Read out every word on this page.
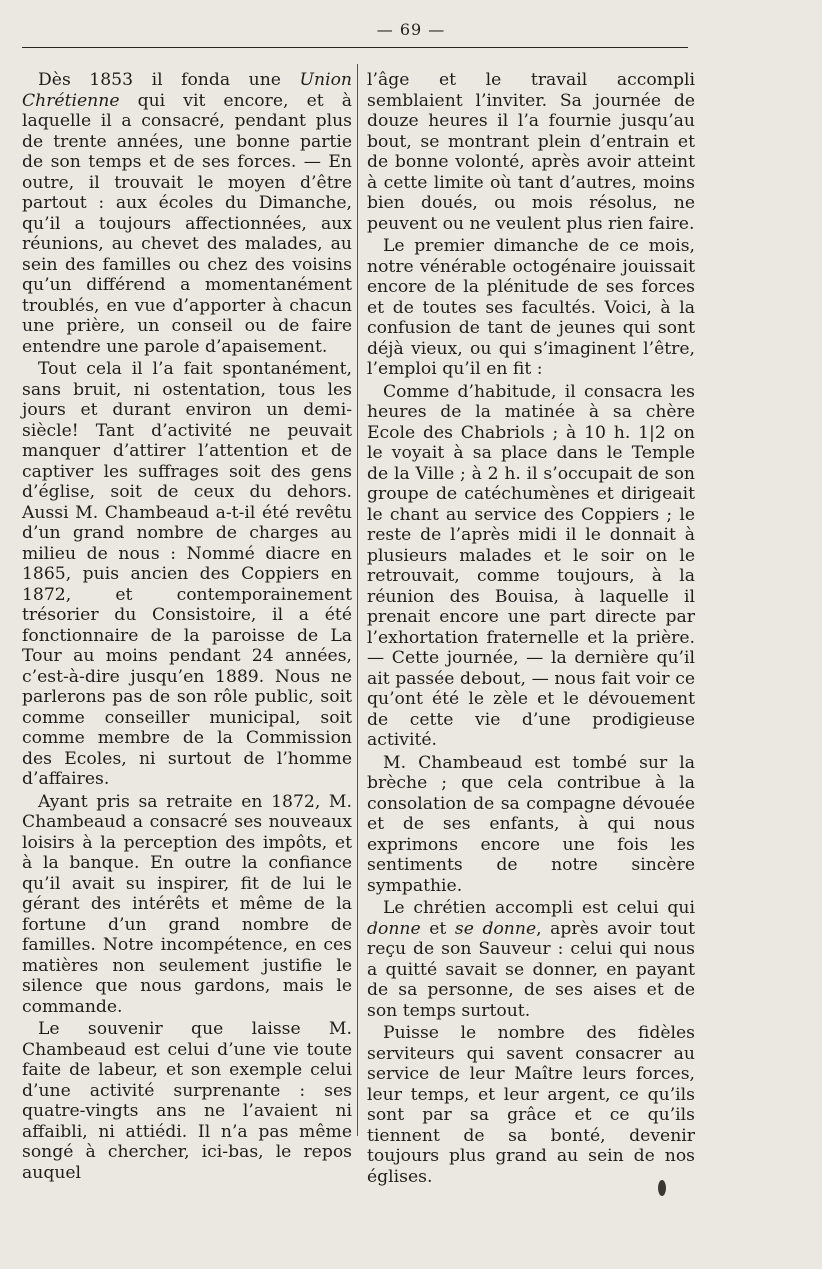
— 69 —

Dès 1853 il fonda une Union Chrétienne qui vit encore, et à laquelle il a consacré, pendant plus de trente années, une bonne partie de son temps et de ses forces. — En outre, il trouvait le moyen d’être partout : aux écoles du Dimanche, qu’il a toujours affectionnées, aux réunions, au chevet des malades, au sein des familles ou chez des voisins qu’un différend a momentanément troublés, en vue d’apporter à chacun une prière, un conseil ou de faire entendre une parole d’apaisement.

Tout cela il l’a fait spontanément, sans bruit, ni ostentation, tous les jours et durant environ un demi-siècle! Tant d’activité ne peuvait manquer d’attirer l’attention et de captiver les suffrages soit des gens d’église, soit de ceux du dehors. Aussi M. Chambeaud a-t-il été revêtu d’un grand nombre de charges au milieu de nous : Nommé diacre en 1865, puis ancien des Coppiers en 1872, et contemporainement trésorier du Consistoire, il a été fonctionnaire de la paroisse de La Tour au moins pendant 24 années, c’est-à-dire jusqu’en 1889. Nous ne parlerons pas de son rôle public, soit comme conseiller municipal, soit comme membre de la Commission des Ecoles, ni surtout de l’homme d’affaires.

Ayant pris sa retraite en 1872, M. Chambeaud a consacré ses nouveaux loisirs à la perception des impôts, et à la banque. En outre la confiance qu’il avait su inspirer, fit de lui le gérant des intérêts et même de la fortune d’un grand nombre de familles. Notre incompétence, en ces matières non seulement justifie le silence que nous gardons, mais le commande.

Le souvenir que laisse M. Chambeaud est celui d’une vie toute faite de labeur, et son exemple celui d’une activité surprenante : ses quatre-vingts ans ne l’avaient ni affaibli, ni attiédi. Il n’a pas même songé à chercher, ici-bas, le repos auquel

l’âge et le travail accompli semblaient l’inviter. Sa journée de douze heures il l’a fournie jusqu’au bout, se montrant plein d’entrain et de bonne volonté, après avoir atteint à cette limite où tant d’autres, moins bien doués, ou mois résolus, ne peuvent ou ne veulent plus rien faire.

Le premier dimanche de ce mois, notre vénérable octogénaire jouissait encore de la plénitude de ses forces et de toutes ses facultés. Voici, à la confusion de tant de jeunes qui sont déjà vieux, ou qui s’imaginent l’être, l’emploi qu’il en fit :

Comme d’habitude, il consacra les heures de la matinée à sa chère Ecole des Chabriols ; à 10 h. 1|2 on le voyait à sa place dans le Temple de la Ville ; à 2 h. il s’occupait de son groupe de catéchumènes et dirigeait le chant au service des Coppiers ; le reste de l’après midi il le donnait à plusieurs malades et le soir on le retrouvait, comme toujours, à la réunion des Bouisa, à laquelle il prenait encore une part directe par l’exhortation fraternelle et la prière. — Cette journée, — la dernière qu’il ait passée debout, — nous fait voir ce qu’ont été le zèle et le dévouement de cette vie d’une prodigieuse activité.

M. Chambeaud est tombé sur la brèche ; que cela contribue à la consolation de sa compagne dévouée et de ses enfants, à qui nous exprimons encore une fois les sentiments de notre sincère sympathie.

Le chrétien accompli est celui qui donne et se donne, après avoir tout reçu de son Sauveur : celui qui nous a quitté savait se donner, en payant de sa personne, de ses aises et de son temps surtout.

Puisse le nombre des fidèles serviteurs qui savent consacrer au service de leur Maître leurs forces, leur temps, et leur argent, ce qu’ils sont par sa grâce et ce qu’ils tiennent de sa bonté, devenir toujours plus grand au sein de nos églises.
